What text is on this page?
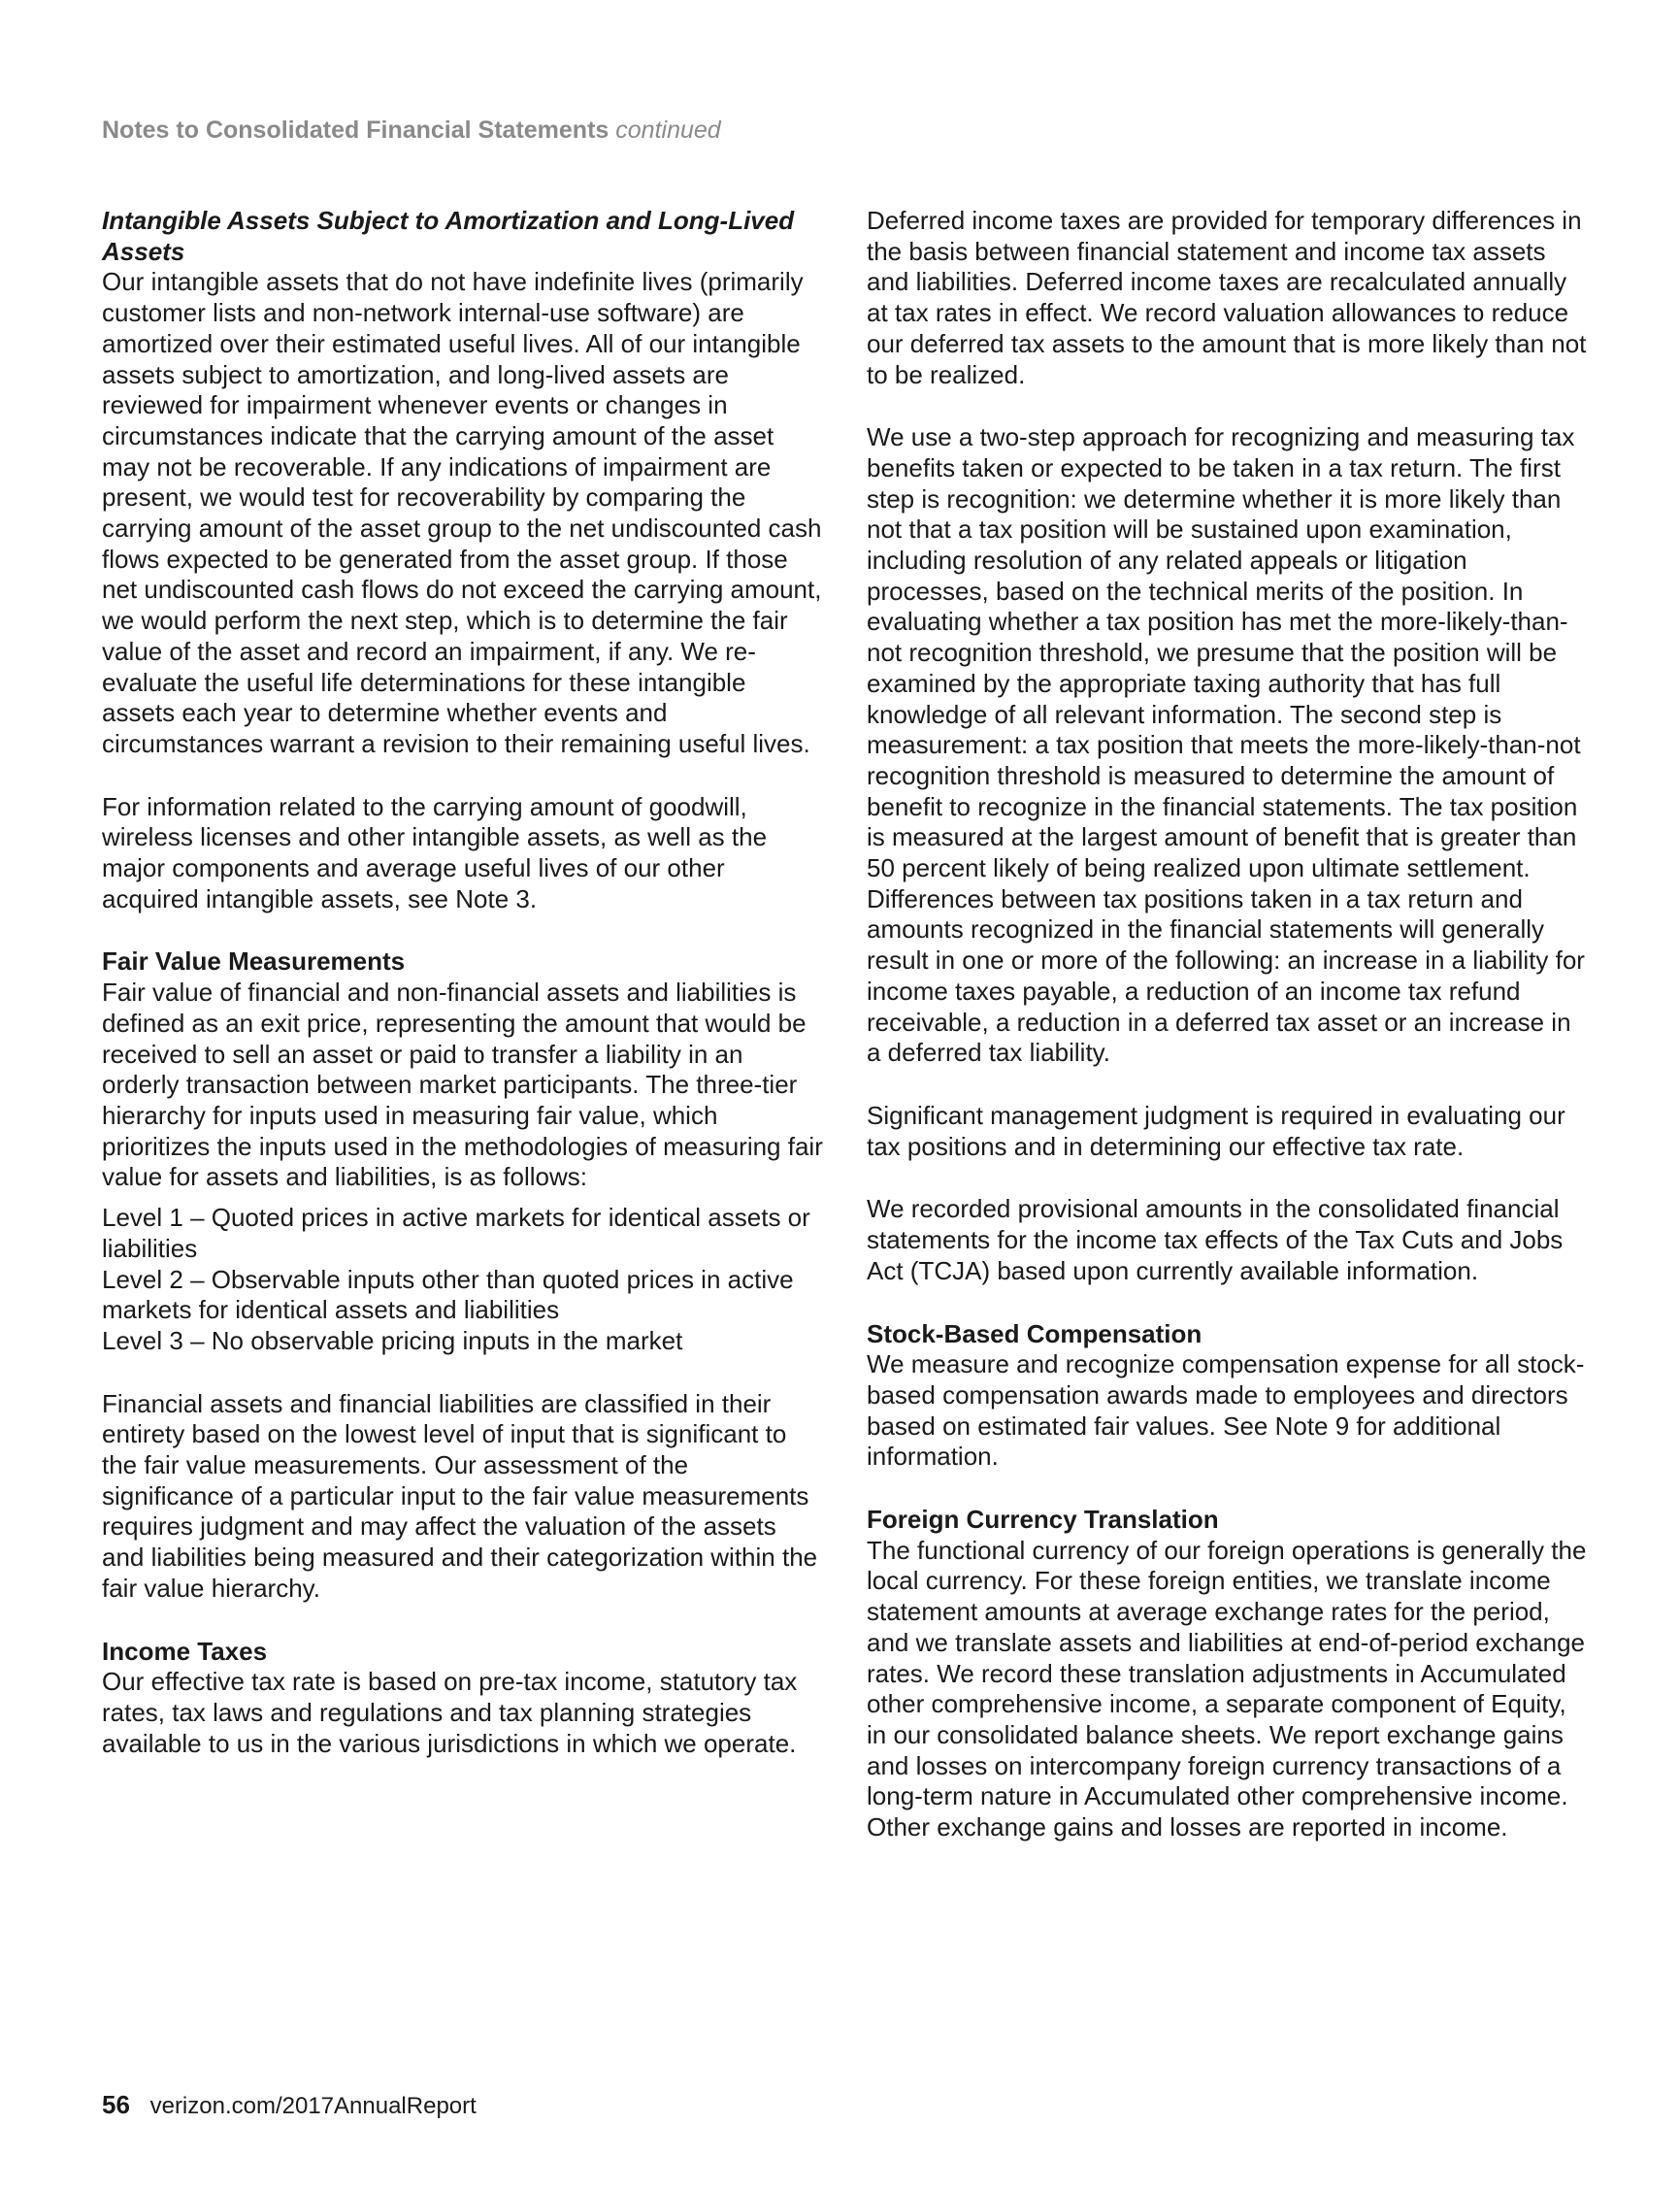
Notes to Consolidated Financial Statements continued
Intangible Assets Subject to Amortization and Long-Lived Assets

Our intangible assets that do not have indefinite lives (primarily customer lists and non-network internal-use software) are amortized over their estimated useful lives. All of our intangible assets subject to amortization, and long-lived assets are reviewed for impairment whenever events or changes in circumstances indicate that the carrying amount of the asset may not be recoverable. If any indications of impairment are present, we would test for recoverability by comparing the carrying amount of the asset group to the net undiscounted cash flows expected to be generated from the asset group. If those net undiscounted cash flows do not exceed the carrying amount, we would perform the next step, which is to determine the fair value of the asset and record an impairment, if any. We re-evaluate the useful life determinations for these intangible assets each year to determine whether events and circumstances warrant a revision to their remaining useful lives.

For information related to the carrying amount of goodwill, wireless licenses and other intangible assets, as well as the major components and average useful lives of our other acquired intangible assets, see Note 3.

Fair Value Measurements

Fair value of financial and non-financial assets and liabilities is defined as an exit price, representing the amount that would be received to sell an asset or paid to transfer a liability in an orderly transaction between market participants. The three-tier hierarchy for inputs used in measuring fair value, which prioritizes the inputs used in the methodologies of measuring fair value for assets and liabilities, is as follows:

Level 1 – Quoted prices in active markets for identical assets or liabilities
Level 2 – Observable inputs other than quoted prices in active markets for identical assets and liabilities
Level 3 – No observable pricing inputs in the market

Financial assets and financial liabilities are classified in their entirety based on the lowest level of input that is significant to the fair value measurements. Our assessment of the significance of a particular input to the fair value measurements requires judgment and may affect the valuation of the assets and liabilities being measured and their categorization within the fair value hierarchy.

Income Taxes

Our effective tax rate is based on pre-tax income, statutory tax rates, tax laws and regulations and tax planning strategies available to us in the various jurisdictions in which we operate.

Deferred income taxes are provided for temporary differences in the basis between financial statement and income tax assets and liabilities. Deferred income taxes are recalculated annually at tax rates in effect. We record valuation allowances to reduce our deferred tax assets to the amount that is more likely than not to be realized.

We use a two-step approach for recognizing and measuring tax benefits taken or expected to be taken in a tax return. The first step is recognition: we determine whether it is more likely than not that a tax position will be sustained upon examination, including resolution of any related appeals or litigation processes, based on the technical merits of the position. In evaluating whether a tax position has met the more-likely-than-not recognition threshold, we presume that the position will be examined by the appropriate taxing authority that has full knowledge of all relevant information. The second step is measurement: a tax position that meets the more-likely-than-not recognition threshold is measured to determine the amount of benefit to recognize in the financial statements. The tax position is measured at the largest amount of benefit that is greater than 50 percent likely of being realized upon ultimate settlement. Differences between tax positions taken in a tax return and amounts recognized in the financial statements will generally result in one or more of the following: an increase in a liability for income taxes payable, a reduction of an income tax refund receivable, a reduction in a deferred tax asset or an increase in a deferred tax liability.

Significant management judgment is required in evaluating our tax positions and in determining our effective tax rate.

We recorded provisional amounts in the consolidated financial statements for the income tax effects of the Tax Cuts and Jobs Act (TCJA) based upon currently available information.

Stock-Based Compensation

We measure and recognize compensation expense for all stock-based compensation awards made to employees and directors based on estimated fair values. See Note 9 for additional information.

Foreign Currency Translation

The functional currency of our foreign operations is generally the local currency. For these foreign entities, we translate income statement amounts at average exchange rates for the period, and we translate assets and liabilities at end-of-period exchange rates. We record these translation adjustments in Accumulated other comprehensive income, a separate component of Equity, in our consolidated balance sheets. We report exchange gains and losses on intercompany foreign currency transactions of a long-term nature in Accumulated other comprehensive income. Other exchange gains and losses are reported in income.

56 verizon.com/2017AnnualReport
